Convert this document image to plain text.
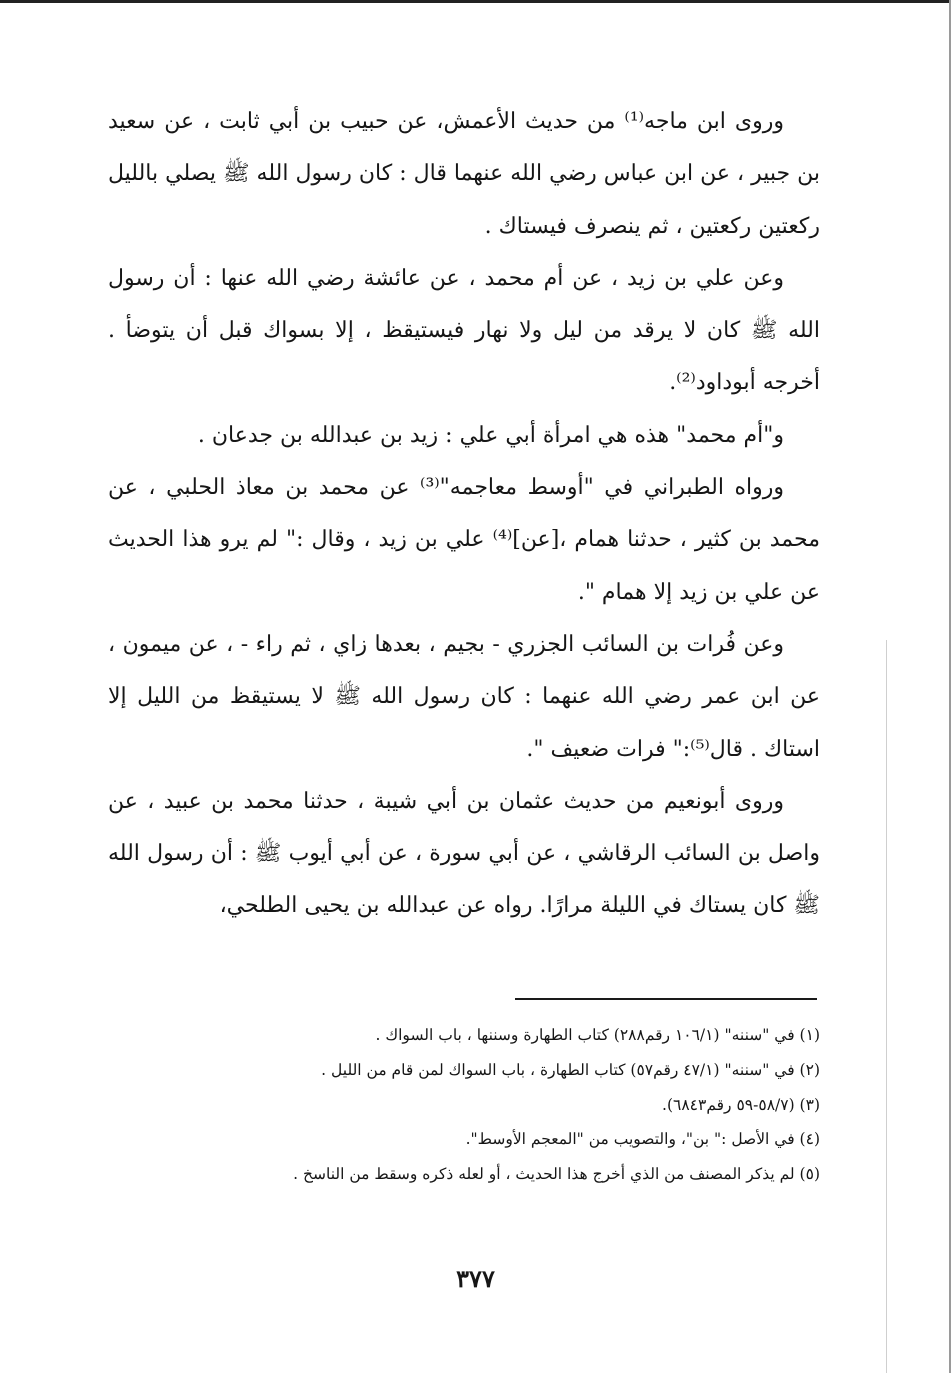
وروى ابن ماجه⁽¹⁾ من حديث الأعمش، عن حبيب بن أبي ثابت ، عن سعيد بن جبير ، عن ابن عباس رضي الله عنهما قال : كان رسول الله ﷺ يصلي بالليل ركعتين ركعتين ، ثم ينصرف فيستاك .

وعن علي بن زيد ، عن أم محمد ، عن عائشة رضي الله عنها : أن رسول الله ﷺ كان لا يرقد من ليل ولا نهار فيستيقظ ، إلا بسواك قبل أن يتوضأ . أخرجه أبوداود⁽²⁾.

و"أم محمد" هذه هي امرأة أبي علي : زيد بن عبدالله بن جدعان .

ورواه الطبراني في "أوسط معاجمه"⁽³⁾ عن محمد بن معاذ الحلبي ، عن محمد بن كثير ، حدثنا همام ،[عن]⁽⁴⁾ علي بن زيد ، وقال :" لم يرو هذا الحديث عن علي بن زيد إلا همام ".

وعن فُرات بن السائب الجزري - بجيم ، بعدها زاي ، ثم راء - ، عن ميمون ، عن ابن عمر رضي الله عنهما : كان رسول الله ﷺ لا يستيقظ من الليل إلا استاك . قال⁽⁵⁾:" فرات ضعيف ".

وروى أبونعيم من حديث عثمان بن أبي شيبة ، حدثنا محمد بن عبيد ، عن واصل بن السائب الرقاشي ، عن أبي سورة ، عن أبي أيوب ﷺ : أن رسول الله ﷺ كان يستاك في الليلة مرارًا. رواه عن عبدالله بن يحيى الطلحي،

(١) في "سننه" (١٠٦/١ رقم٢٨٨) كتاب الطهارة وسننها ، باب السواك .

(٢) في "سننه" (٤٧/١ رقم٥٧) كتاب الطهارة ، باب السواك لمن قام من الليل .

(٣) (٥٨/٧-٥٩ رقم٦٨٤٣).

(٤) في الأصل :" بن"، والتصويب من "المعجم الأوسط".

(٥) لم يذكر المصنف من الذي أخرج هذا الحديث ، أو لعله ذكره وسقط من الناسخ .

٣٧٧
